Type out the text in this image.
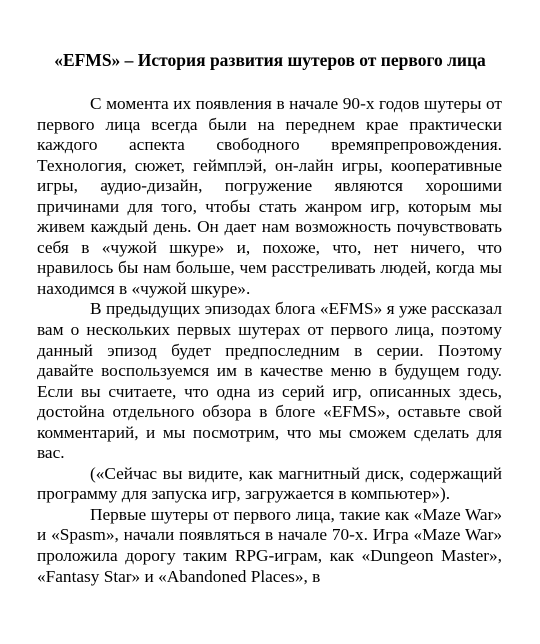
«EFMS» – История развития шутеров от первого лица

С момента их появления в начале 90-х годов шутеры от первого лица всегда были на переднем крае практически каждого аспекта свободного времяпрепровождения. Технология, сюжет, геймплэй, он-лайн игры, кооперативные игры, аудио-дизайн, погружение являются хорошими причинами для того, чтобы стать жанром игр, которым мы живем каждый день. Он дает нам возможность почувствовать себя в «чужой шкуре» и, похоже, что, нет ничего, что нравилось бы нам больше, чем расстреливать людей, когда мы находимся в «чужой шкуре».

В предыдущих эпизодах блога «EFMS» я уже рассказал вам о нескольких первых шутерах от первого лица, поэтому данный эпизод будет предпоследним в серии. Поэтому давайте воспользуемся им в качестве меню в будущем году. Если вы считаете, что одна из серий игр, описанных здесь, достойна отдельного обзора в блоге «EFMS», оставьте свой комментарий, и мы посмотрим, что мы сможем сделать для вас.

(«Сейчас вы видите, как магнитный диск, содержащий программу для запуска игр, загружается в компьютер»).

Первые шутеры от первого лица, такие как «Maze War» и «Spasm», начали появляться в начале 70-х. Игра «Maze War» проложила дорогу таким RPG-играм, как «Dungeon Master», «Fantasy Star» и «Abandoned Places», в
